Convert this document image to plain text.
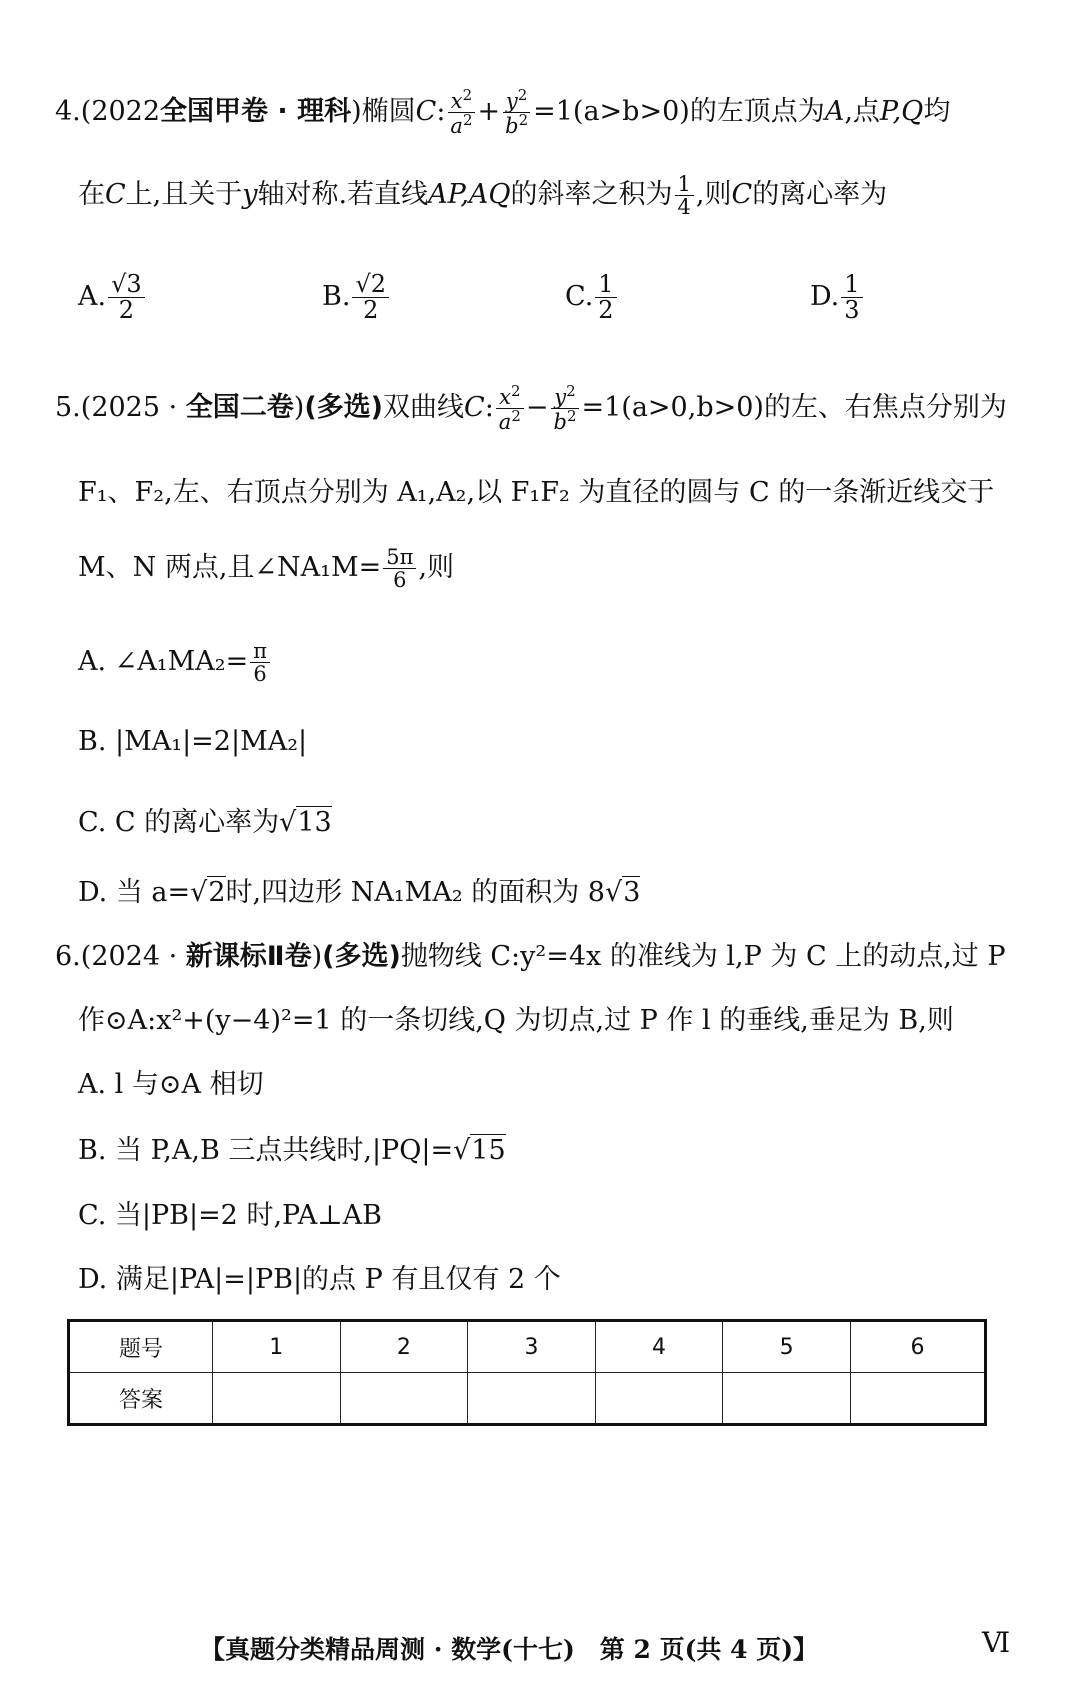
4.(2022全国甲卷 · 理科)椭圆C: $\frac{x^2}{a^2} + \frac{y^2}{b^2} =1(a>b>0)$的左顶点为A,点P,Q均
在C上,且关于y轴对称.若直线AP,AQ的斜率之积为 $\frac{1}{4}$ ,则C的离心率为
A. $\frac{√3}{2}$	B. $\frac{√2}{2}$	C. $\frac{1}{2}$	D. $\frac{1}{3}$
5.(2025 · 全国二卷)(多选)双曲线C: $\frac{x^2}{a^2} - \frac{y^2}{b^2} =1(a>0,b>0)$的左、右焦点分别为
F₁、F₂,左、右顶点分别为 A₁,A₂,以 F₁F₂ 为直径的圆与 C 的一条渐近线交于
M、N 两点,且∠NA₁M= $\frac{5\pi}{6}$ ,则
A. ∠A₁MA₂= $\frac{\pi}{6}$
B. |MA₁|=2|MA₂|
C. C 的离心率为√13
D. 当 a=√2时,四边形 NA₁MA₂ 的面积为 8√3
6.(2024 · 新课标Ⅱ卷)(多选)抛物线 C:y²=4x 的准线为 l,P 为 C 上的动点,过 P
作⊙A:x²+(y−4)²=1 的一条切线,Q 为切点,过 P 作 l 的垂线,垂足为 B,则
A. l 与⊙A 相切
B. 当 P,A,B 三点共线时,|PQ|=√15
C. 当|PB|=2 时,PA⊥AB
D. 满足|PA|=|PB|的点 P 有且仅有 2 个
题号	1	2	3	4	5	6
答案						
【真题分类精品周测 · 数学(十七)　第 2 页(共 4 页)】	Ⅵ
